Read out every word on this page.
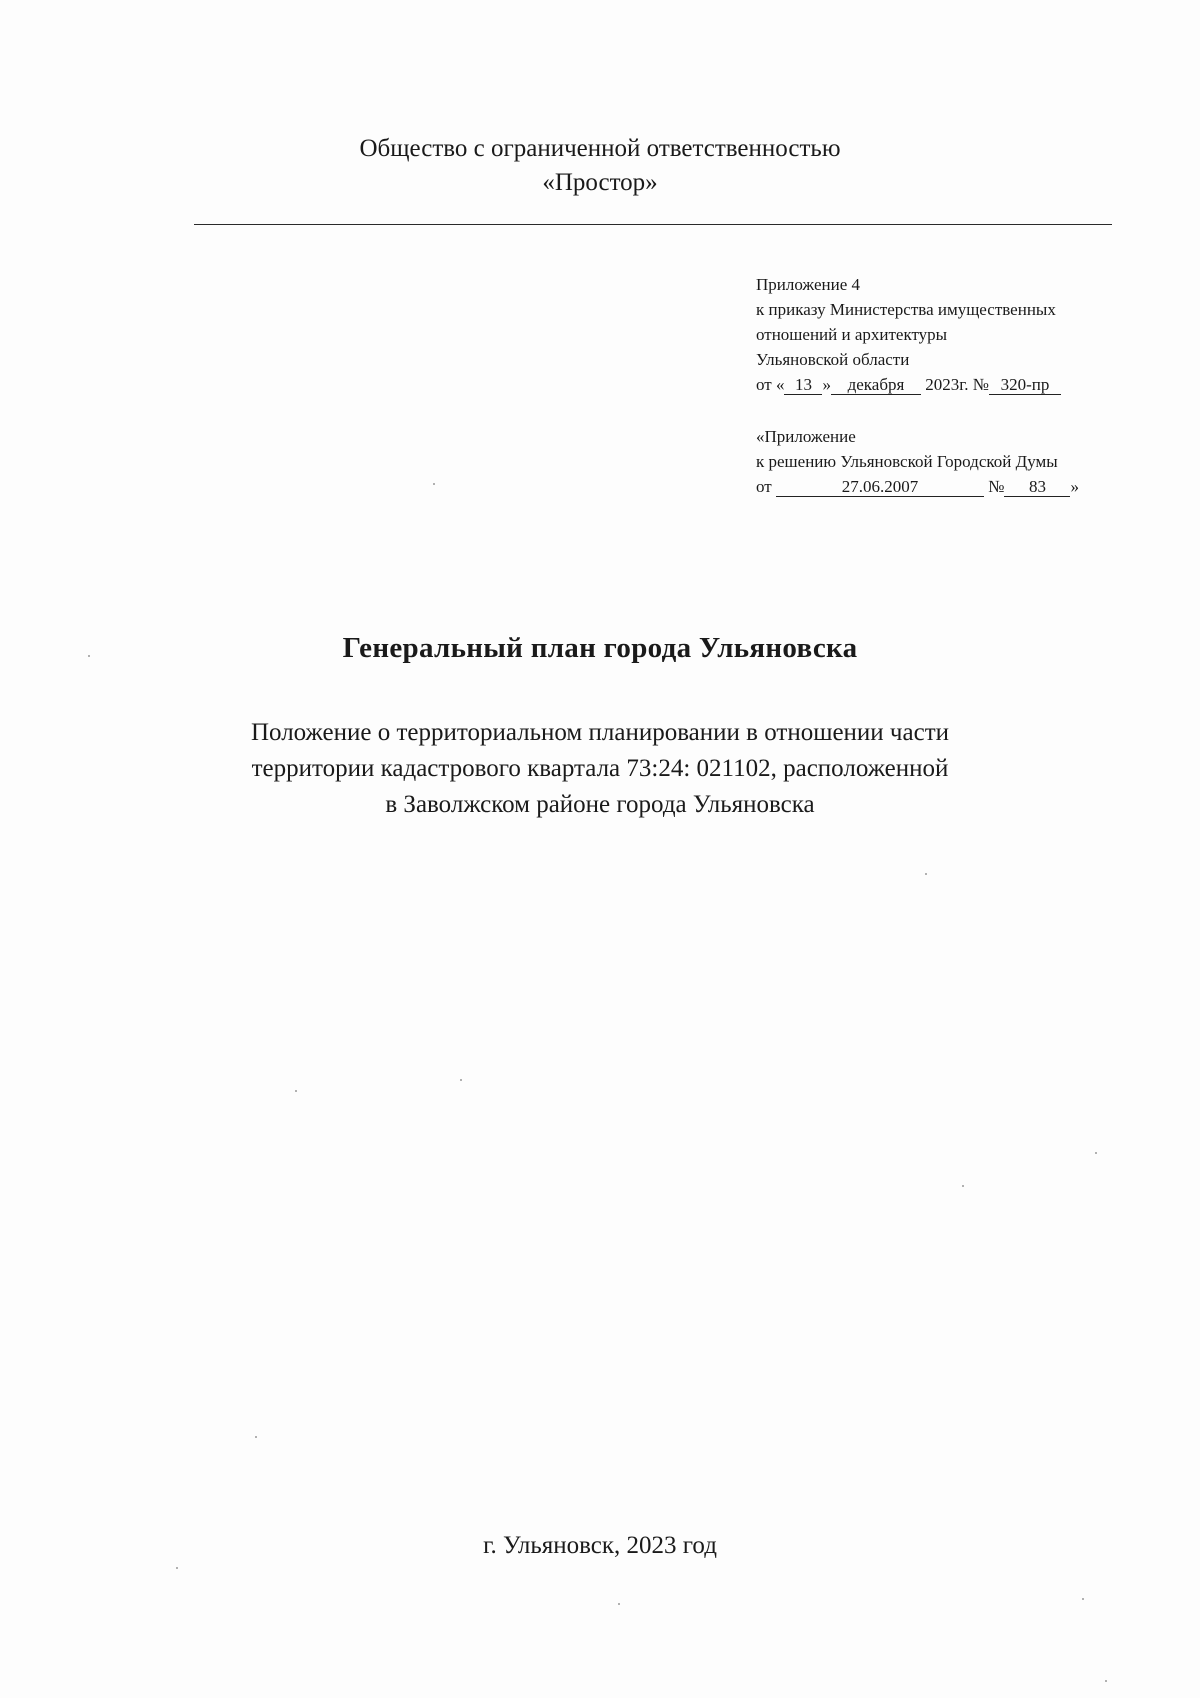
Общество с ограниченной ответственностью
«Простор»
Приложение 4
к приказу Министерства имущественных
отношений и архитектуры
Ульяновской области
от « 13 » декабря 2023г. № 320-пр
«Приложение
к решению Ульяновской Городской Думы
от	27.06.2007	№ 83 »
Генеральный план города Ульяновска
Положение о территориальном планировании в отношении части
территории кадастрового квартала 73:24: 021102, расположенной
в Заволжском районе города Ульяновска
г. Ульяновск, 2023 год
